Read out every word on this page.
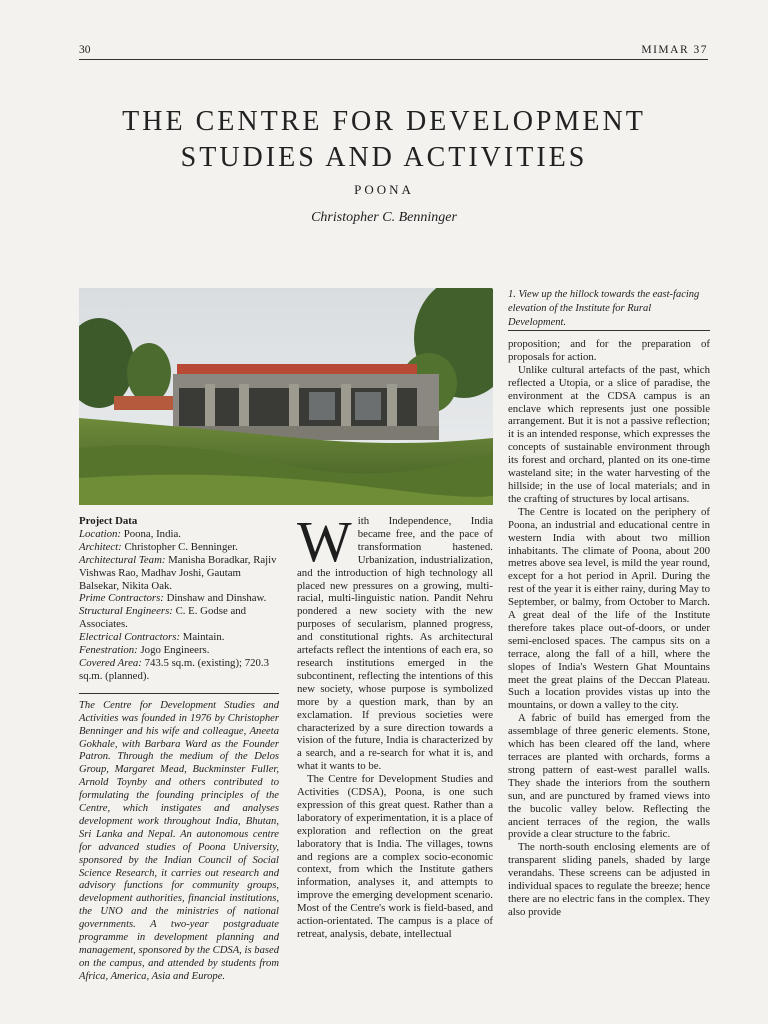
30	MIMAR 37
THE CENTRE FOR DEVELOPMENT
STUDIES AND ACTIVITIES
POONA
Christopher C. Benninger
1. View up the hillock towards the east-facing elevation of the Institute for Rural Development.
Project Data
Location: Poona, India.
Architect: Christopher C. Benninger.
Architectural Team: Manisha Boradkar, Rajiv Vishwas Rao, Madhav Joshi, Gautam Balsekar, Nikita Oak.
Prime Contractors: Dinshaw and Dinshaw.
Structural Engineers: C. E. Godse and Associates.
Electrical Contractors: Maintain.
Fenestration: Jogo Engineers.
Covered Area: 743.5 sq.m. (existing); 720.3 sq.m. (planned).

The Centre for Development Studies and Activities was founded in 1976 by Christopher Benninger and his wife and colleague, Aneeta Gokhale, with Barbara Ward as the Founder Patron. Through the medium of the Delos Group, Margaret Mead, Buckminster Fuller, Arnold Toynby and others contributed to formulating the founding principles of the Centre, which instigates and analyses development work throughout India, Bhutan, Sri Lanka and Nepal. An autonomous centre for advanced studies of Poona University, sponsored by the Indian Council of Social Science Research, it carries out research and advisory functions for community groups, development authorities, financial institutions, the UNO and the ministries of national governments. A two-year postgraduate programme in development planning and management, sponsored by the CDSA, is based on the campus, and attended by students from Africa, America, Asia and Europe.

With Independence, India became free, and the pace of transformation hastened. Urbanization, industrialization, and the introduction of high technology all placed new pressures on a growing, multi-racial, multi-linguistic nation. Pandit Nehru pondered a new society with the new purposes of secularism, planned progress, and constitutional rights. As architectural artefacts reflect the intentions of each era, so research institutions emerged in the subcontinent, reflecting the intentions of this new society, whose purpose is symbolized more by a question mark, than by an exclamation. If previous societies were characterized by a sure direction towards a vision of the future, India is characterized by a search, and a re-search for what it is, and what it wants to be.

The Centre for Development Studies and Activities (CDSA), Poona, is one such expression of this great quest. Rather than a laboratory of experimentation, it is a place of exploration and reflection on the great laboratory that is India. The villages, towns and regions are a complex socio-economic context, from which the Institute gathers information, analyses it, and attempts to improve the emerging development scenario. Most of the Centre's work is field-based, and action-orientated. The campus is a place of retreat, analysis, debate, intellectual

proposition; and for the preparation of proposals for action.

Unlike cultural artefacts of the past, which reflected a Utopia, or a slice of paradise, the environment at the CDSA campus is an enclave which represents just one possible arrangement. But it is not a passive reflection; it is an intended response, which expresses the concepts of sustainable environment through its forest and orchard, planted on its one-time wasteland site; in the water harvesting of the hillside; in the use of local materials; and in the crafting of structures by local artisans.

The Centre is located on the periphery of Poona, an industrial and educational centre in western India with about two million inhabitants. The climate of Poona, about 200 metres above sea level, is mild the year round, except for a hot period in April. During the rest of the year it is either rainy, during May to September, or balmy, from October to March. A great deal of the life of the Institute therefore takes place out-of-doors, or under semi-enclosed spaces. The campus sits on a terrace, along the fall of a hill, where the slopes of India's Western Ghat Mountains meet the great plains of the Deccan Plateau. Such a location provides vistas up into the mountains, or down a valley to the city.

A fabric of build has emerged from the assemblage of three generic elements. Stone, which has been cleared off the land, where terraces are planted with orchards, forms a strong pattern of east-west parallel walls. They shade the interiors from the southern sun, and are punctured by framed views into the bucolic valley below. Reflecting the ancient terraces of the region, the walls provide a clear structure to the fabric.

The north-south enclosing elements are of transparent sliding panels, shaded by large verandahs. These screens can be adjusted in individual spaces to regulate the breeze; hence there are no electric fans in the complex. They also provide
